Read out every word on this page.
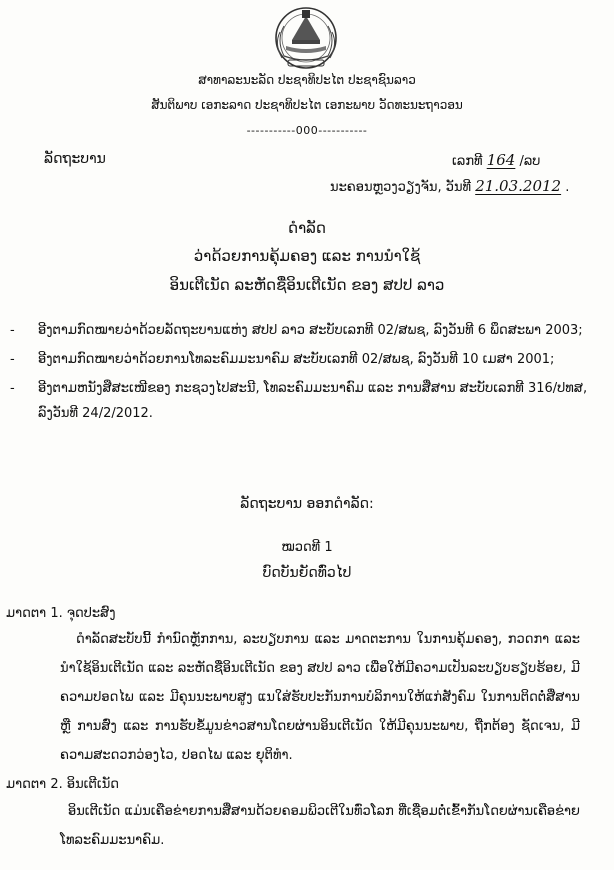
ສາທາລະນະລັດ ປະຊາທິປະໄຕ ປະຊາຊົນລາວ
ສັນຕິພາບ ເອກະລາດ ປະຊາທິປະໄຕ ເອກະພາບ ວັດທະນະຖາວອນ
-----------000-----------
ລັດຖະບານ	ເລກທີ 164 /ລບ
ນະຄອນຫຼວງວຽງຈັນ, ວັນທີ 21.03.2012 .
ດຳລັດ
ວ່າດ້ວຍການຄຸ້ມຄອງ ແລະ ການນຳໃຊ້
ອິນເຕີເນັດ ລະຫັດຊື່ອິນເຕີເນັດ ຂອງ ສປປ ລາວ
- ອີງຕາມກົດໝາຍວ່າດ້ວຍລັດຖະບານແຫ່ງ ສປປ ລາວ ສະບັບເລກທີ 02/ສພຊ, ລົງວັນທີ 6 ພຶດສະພາ 2003;
- ອີງຕາມກົດໝາຍວ່າດ້ວຍການໂທລະຄົມມະນາຄົມ ສະບັບເລກທີ 02/ສພຊ, ລົງວັນທີ 10 ເມສາ 2001;
- ອີງຕາມຫນັງສືສະເໜີຂອງ ກະຊວງໄປສະນີ, ໂທລະຄົມມະນາຄົມ ແລະ ການສື່ສານ ສະບັບເລກທີ 316/ປທສ, ລົງວັນທີ 24/2/2012.
ລັດຖະບານ ອອກດຳລັດ:
ໝວດທີ 1
ບົດບັນຍັດທົ່ວໄປ
ມາດຕາ 1. ຈຸດປະສົງ
ດຳລັດສະບັບນີ້ ກຳນົດຫຼັກການ, ລະບຽບການ ແລະ ມາດຕະການ ໃນການຄຸ້ມຄອງ, ກວດກາ ແລະ ນຳໃຊ້ອິນເຕີເນັດ ແລະ ລະຫັດຊື່ອິນເຕີເນັດ ຂອງ ສປປ ລາວ ເພື່ອໃຫ້ມີຄວາມເປັນລະບຽບຮຽບຮ້ອຍ, ມີຄວາມປອດໄພ ແລະ ມີຄຸນນະພາບສູງ ແນໃສ່ຮັບປະກັນການບໍລິການໃຫ້ແກ່ສັງຄົມ ໃນການຕິດຕໍ່ສື່ສານ ຫຼື ການສົ່ງ ແລະ ການຮັບຂໍ້ມູນຂ່າວສານໂດຍຜ່ານອິນເຕີເນັດ ໃຫ້ມີຄຸນນະພາບ, ຖືກຕ້ອງ ຊັດເຈນ, ມີຄວາມສະດວກວ່ອງໄວ, ປອດໄພ ແລະ ຍຸຕິທຳ.
ມາດຕາ 2. ອິນເຕີເນັດ
ອິນເຕີເນັດ ແມ່ນເຄືອຂ່າຍການສື່ສານດ້ວຍຄອມພິວເຕີໃນທົ່ວໂລກ ທີ່ເຊື່ອມຕໍ່ເຂົ້າກັນໂດຍຜ່ານເຄືອຂ່າຍໂທລະຄົມມະນາຄົມ.
